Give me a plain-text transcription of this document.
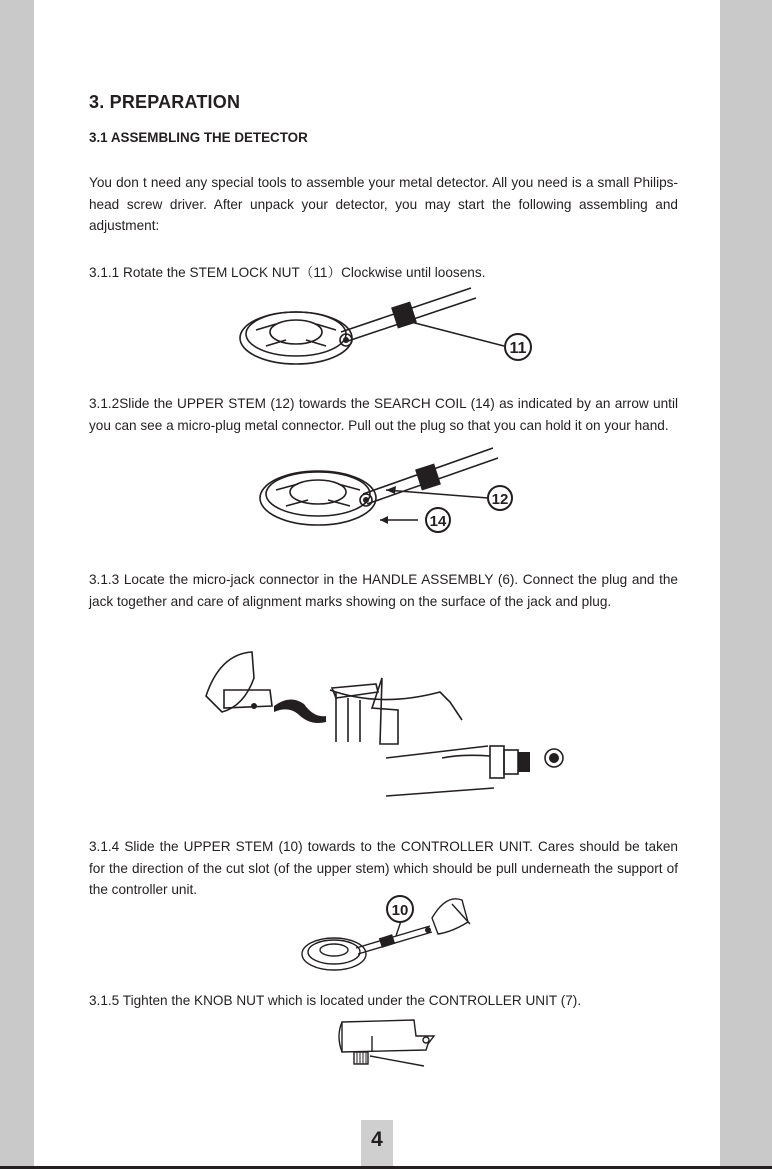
3. PREPARATION
3.1 ASSEMBLING THE DETECTOR

You don t need any special tools to assemble your metal detector. All you need is a small Philips-head screw driver. After unpack your detector, you may start the following assembling and adjustment:

3.1.1 Rotate the STEM LOCK NUT（11）Clockwise until loosens.

11

3.1.2Slide the UPPER STEM (12) towards the SEARCH COIL (14) as indicated by an arrow until you can see a micro-plug metal connector. Pull out the plug so that you can hold it on your hand.

12
14

3.1.3 Locate the micro-jack connector in the HANDLE ASSEMBLY (6). Connect the plug and the jack together and care of alignment marks showing on the surface of the jack and plug.

3.1.4 Slide the UPPER STEM (10) towards to the CONTROLLER UNIT. Cares should be taken for the direction of the cut slot (of the upper stem) which should be pull underneath the support of the controller unit.

10

3.1.5 Tighten the KNOB NUT which is located under the CONTROLLER UNIT (7).

4
